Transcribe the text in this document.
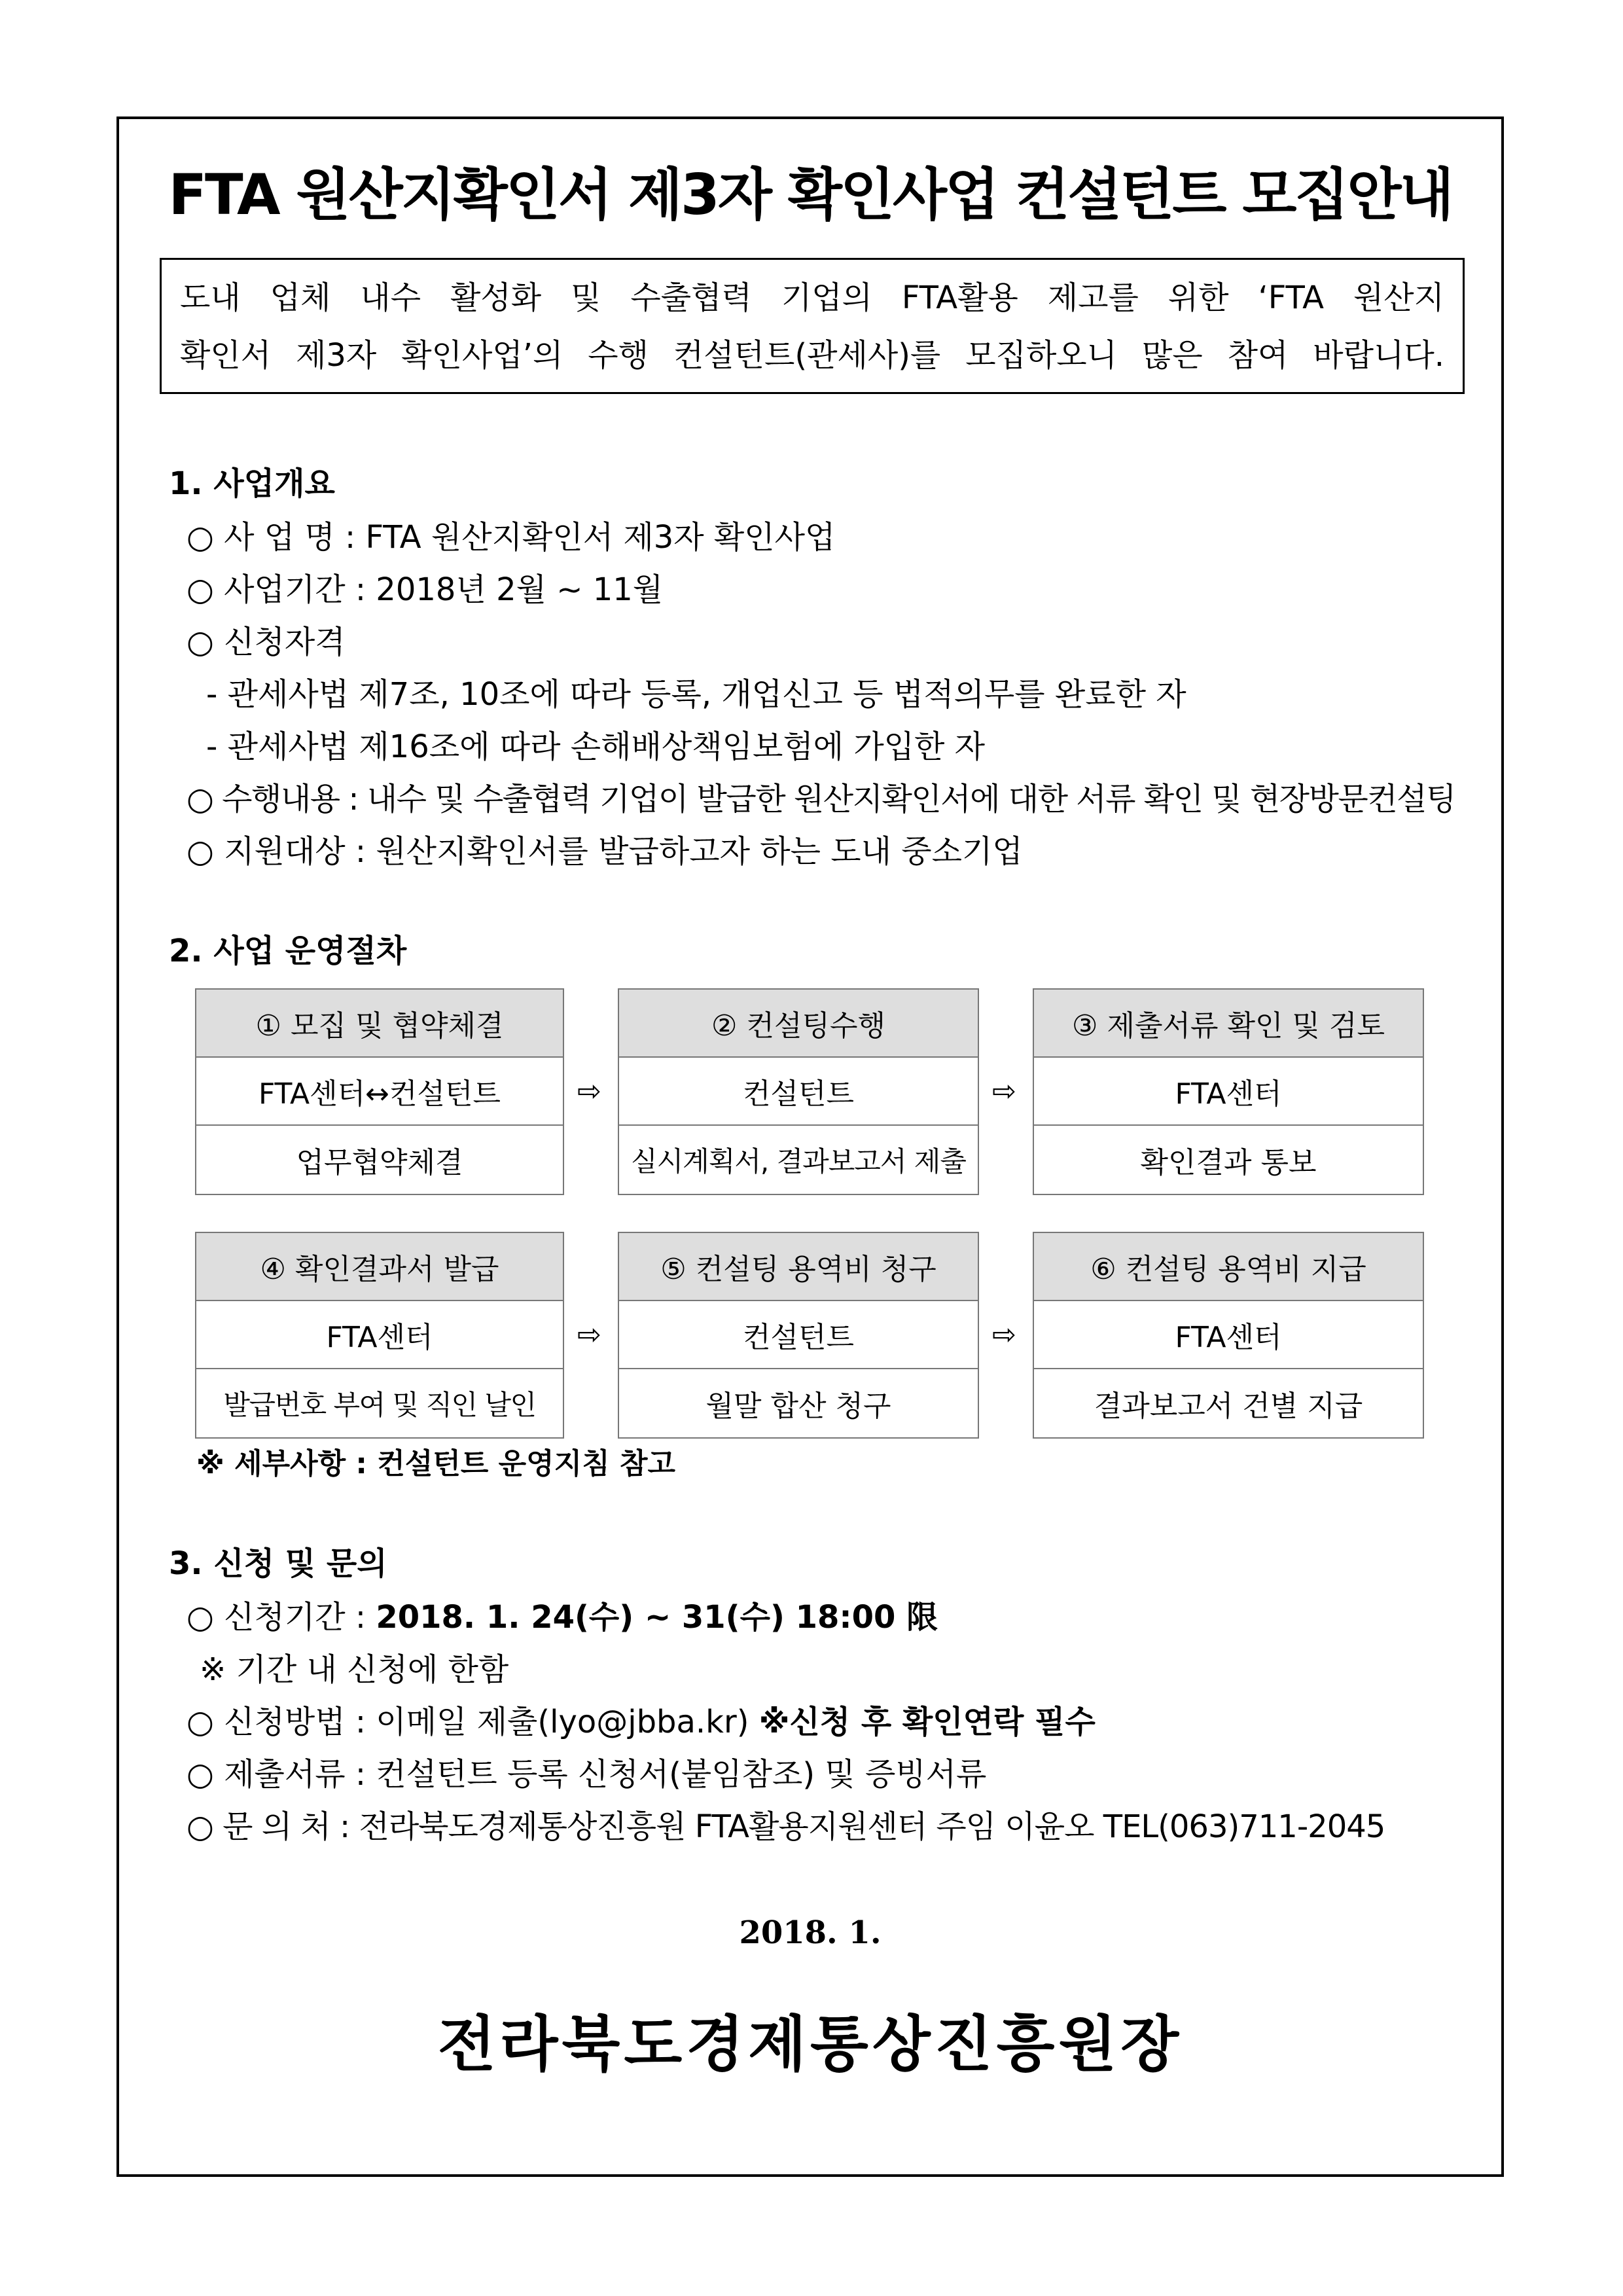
FTA 원산지확인서 제3자 확인사업 컨설턴트 모집안내
도내 업체 내수 활성화 및 수출협력 기업의 FTA활용 제고를 위한 ‘FTA 원산지
확인서 제3자 확인사업’의 수행 컨설턴트(관세사)를 모집하오니 많은 참여 바랍니다.
1. 사업개요
○ 사 업 명 : FTA 원산지확인서 제3자 확인사업
○ 사업기간 : 2018년 2월 ~ 11월
○ 신청자격
- 관세사법 제7조, 10조에 따라 등록, 개업신고 등 법적의무를 완료한 자
- 관세사법 제16조에 따라 손해배상책임보험에 가입한 자
○ 수행내용 : 내수 및 수출협력 기업이 발급한 원산지확인서에 대한 서류 확인 및 현장방문컨설팅
○ 지원대상 : 원산지확인서를 발급하고자 하는 도내 중소기업
2. 사업 운영절차
① 모집 및 협약체결
FTA센터↔컨설턴트
업무협약체결
⇨
② 컨설팅수행
컨설턴트
실시계획서, 결과보고서 제출
⇨
③ 제출서류 확인 및 검토
FTA센터
확인결과 통보
④ 확인결과서 발급
FTA센터
발급번호 부여 및 직인 날인
⇨
⑤ 컨설팅 용역비 청구
컨설턴트
월말 합산 청구
⇨
⑥ 컨설팅 용역비 지급
FTA센터
결과보고서 건별 지급
※ 세부사항 : 컨설턴트 운영지침 참고
3. 신청 및 문의
○ 신청기간 : 2018. 1. 24(수) ~ 31(수) 18:00 限
※ 기간 내 신청에 한함
○ 신청방법 : 이메일 제출(lyo@jbba.kr) ※신청 후 확인연락 필수
○ 제출서류 : 컨설턴트 등록 신청서(붙임참조) 및 증빙서류
○ 문 의 처 : 전라북도경제통상진흥원 FTA활용지원센터 주임 이윤오 TEL(063)711-2045
2018. 1.
전라북도경제통상진흥원장
